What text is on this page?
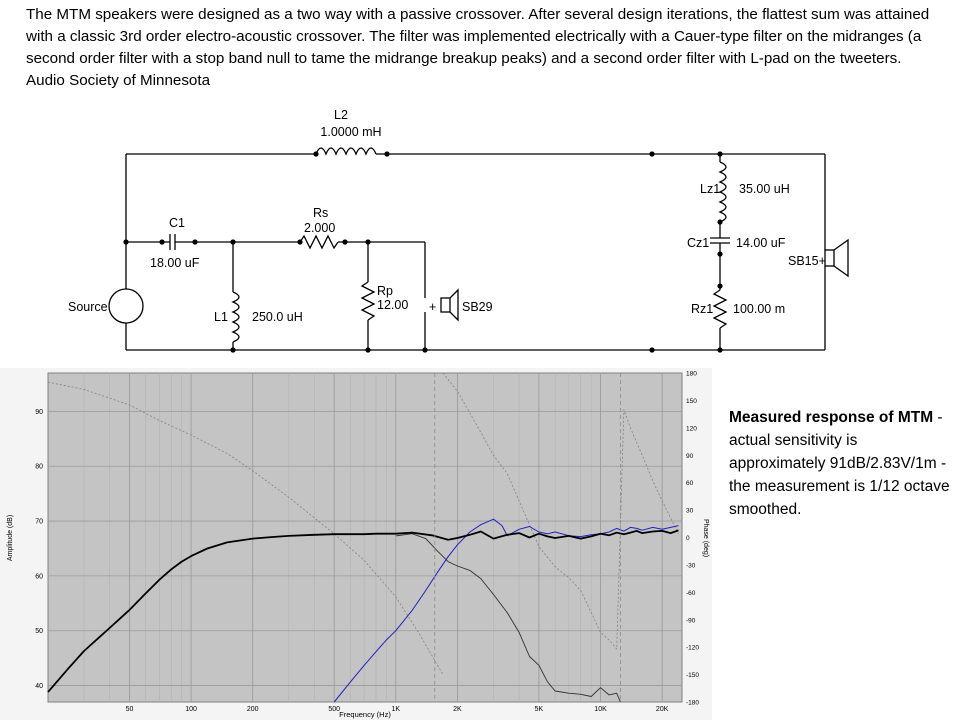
The MTM speakers were designed as a two way with a passive crossover. After several design iterations, the flattest sum was attained with a classic 3rd order electro-acoustic crossover. The filter was implemented electrically with a Cauer-type filter on the midranges (a second order filter with a stop band null to tame the midrange breakup peaks) and a second order filter with L-pad on the tweeters.Audio Society of Minnesota
L2
1.0000 mH
C1
18.00 uF
L1 250.0 uH
Rs
2.000
Rp
12.00 + SB29
Source
Lz1 35.00 uH
Cz1 14.00 uF
Rz1 100.00 m
SB15+
50	100	200	500	1K	2K	5K	10K	20K
40
50
60
70
80
90
-180
-150
-120
-90
-60
-30
0
30
60
90
120
150
180
Frequency (Hz)
Amplitude (dB)	Phase (deg)
Measured response of MTM - actual sensitivity is approximately 91dB/2.83V/1m - the measurement is 1/12 octave smoothed.
